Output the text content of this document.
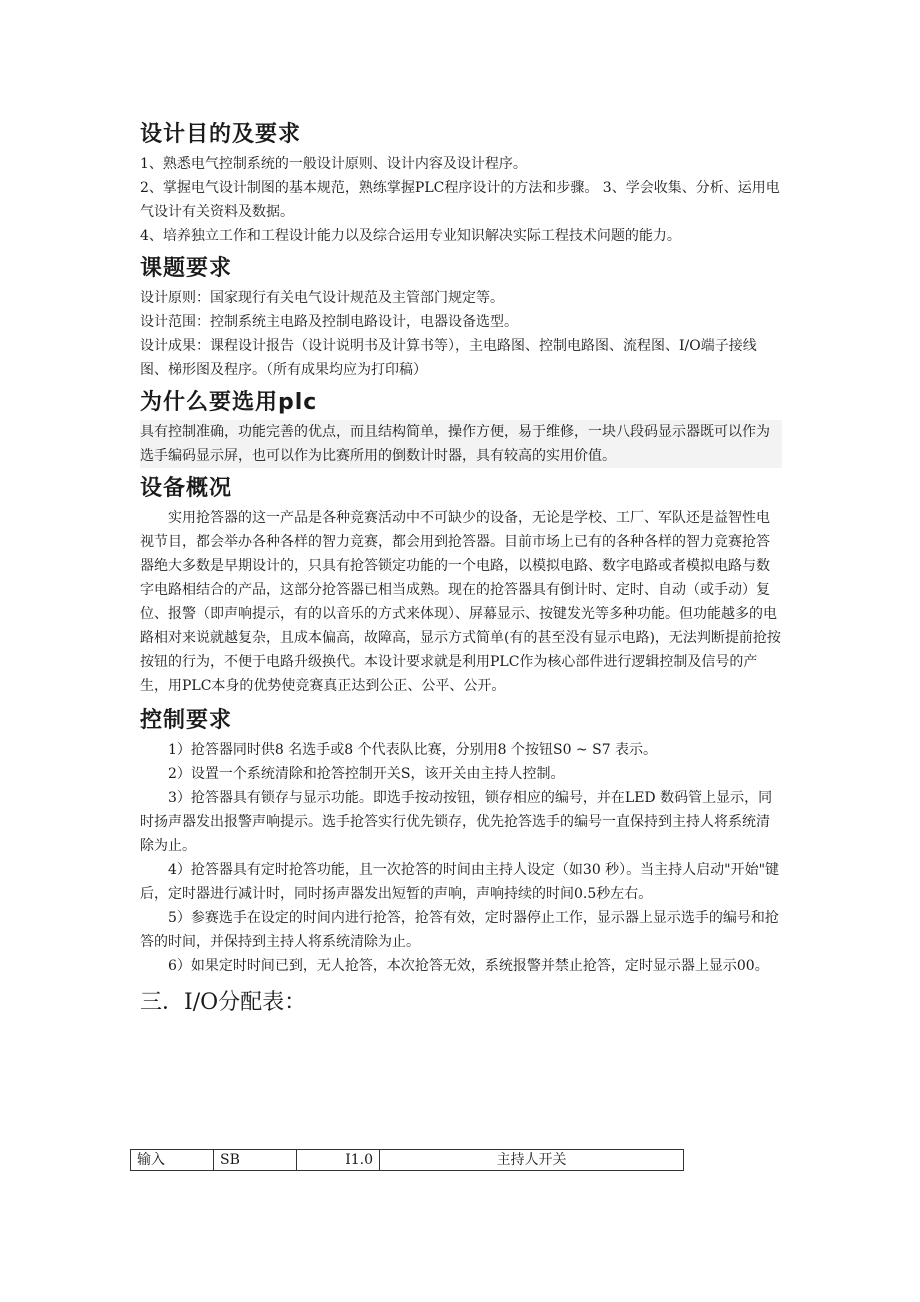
设计目的及要求

1、熟悉电气控制系统的一般设计原则、设计内容及设计程序。

2、掌握电气设计制图的基本规范，熟练掌握PLC程序设计的方法和步骤。 3、学会收集、分析、运用电气设计有关资料及数据。

4、培养独立工作和工程设计能力以及综合运用专业知识解决实际工程技术问题的能力。

课题要求

设计原则：国家现行有关电气设计规范及主管部门规定等。

设计范围：控制系统主电路及控制电路设计，电器设备选型。

设计成果：课程设计报告（设计说明书及计算书等），主电路图、控制电路图、流程图、I/O端子接线图、梯形图及程序。（所有成果均应为打印稿）

为什么要选用plc

具有控制准确，功能完善的优点，而且结构简单，操作方便，易于维修，一块八段码显示器既可以作为选手编码显示屏，也可以作为比赛所用的倒数计时器，具有较高的实用价值。

设备概况

实用抢答器的这一产品是各种竞赛活动中不可缺少的设备，无论是学校、工厂、军队还是益智性电视节目，都会举办各种各样的智力竞赛，都会用到抢答器。目前市场上已有的各种各样的智力竞赛抢答器绝大多数是早期设计的，只具有抢答锁定功能的一个电路，以模拟电路、数字电路或者模拟电路与数字电路相结合的产品，这部分抢答器已相当成熟。现在的抢答器具有倒计时、定时、自动（或手动）复位、报警（即声响提示，有的以音乐的方式来体现）、屏幕显示、按键发光等多种功能。但功能越多的电路相对来说就越复杂，且成本偏高，故障高，显示方式简单(有的甚至没有显示电路)，无法判断提前抢按按钮的行为，不便于电路升级换代。本设计要求就是利用PLC作为核心部件进行逻辑控制及信号的产生，用PLC本身的优势使竞赛真正达到公正、公平、公开。

控制要求

1）抢答器同时供8 名选手或8 个代表队比赛，分别用8 个按钮S0 ~ S7 表示。

2）设置一个系统清除和抢答控制开关S，该开关由主持人控制。

3）抢答器具有锁存与显示功能。即选手按动按钮，锁存相应的编号，并在LED 数码管上显示，同时扬声器发出报警声响提示。选手抢答实行优先锁存，优先抢答选手的编号一直保持到主持人将系统清除为止。

4）抢答器具有定时抢答功能，且一次抢答的时间由主持人设定（如30 秒）。当主持人启动"开始"键后，定时器进行减计时，同时扬声器发出短暂的声响，声响持续的时间0.5秒左右。

5）参赛选手在设定的时间内进行抢答，抢答有效，定时器停止工作，显示器上显示选手的编号和抢答的时间，并保持到主持人将系统清除为止。

6）如果定时时间已到，无人抢答，本次抢答无效，系统报警并禁止抢答，定时显示器上显示00。

三．I/O分配表：
输入	SB	I1.0	主持人开关
